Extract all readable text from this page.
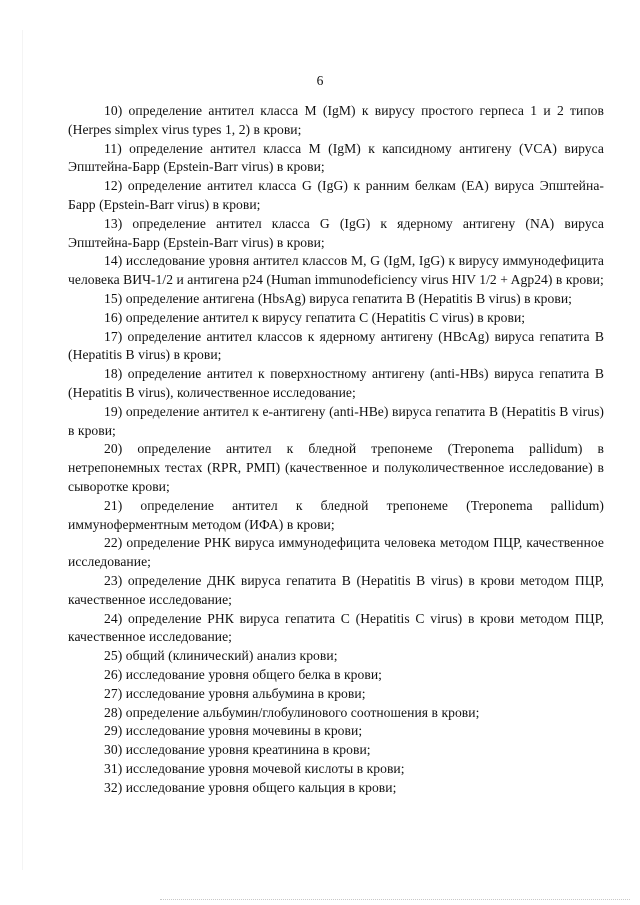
6

10) определение антител класса M (IgM) к вирусу простого герпеса 1 и 2 типов (Herpes simplex virus types 1, 2) в крови;

11) определение антител класса M (IgM) к капсидному антигену (VCA) вируса Эпштейна-Барр (Epstein-Barr virus) в крови;

12) определение антител класса G (IgG) к ранним белкам (EA) вируса Эпштейна-Барр (Epstein-Barr virus) в крови;

13) определение антител класса G (IgG) к ядерному антигену (NA) вируса Эпштейна-Барр (Epstein-Barr virus) в крови;

14) исследование уровня антител классов M, G (IgM, IgG) к вирусу иммунодефицита человека ВИЧ-1/2 и антигена p24 (Human immunodeficiency virus HIV 1/2 + Agp24) в крови;

15) определение антигена (HbsAg) вируса гепатита B (Hepatitis B virus) в крови;

16) определение антител к вирусу гепатита C (Hepatitis C virus) в крови;

17) определение антител классов к ядерному антигену (HBcAg) вируса гепатита B (Hepatitis B virus) в крови;

18) определение антител к поверхностному антигену (anti-HBs) вируса гепатита B (Hepatitis B virus), количественное исследование;

19) определение антител к e-антигену (anti-HBe) вируса гепатита B (Hepatitis B virus) в крови;

20) определение антител к бледной трепонеме (Treponema pallidum) в нетрепонемных тестах (RPR, РМП) (качественное и полуколичественное исследование) в сыворотке крови;

21) определение антител к бледной трепонеме (Treponema pallidum) иммуноферментным методом (ИФА) в крови;

22) определение РНК вируса иммунодефицита человека методом ПЦР, качественное исследование;

23) определение ДНК вируса гепатита B (Hepatitis B virus) в крови методом ПЦР, качественное исследование;

24) определение РНК вируса гепатита C (Hepatitis C virus) в крови методом ПЦР, качественное исследование;

25) общий (клинический) анализ крови;

26) исследование уровня общего белка в крови;

27) исследование уровня альбумина в крови;

28) определение альбумин/глобулинового соотношения в крови;

29) исследование уровня мочевины в крови;

30) исследование уровня креатинина в крови;

31) исследование уровня мочевой кислоты в крови;

32) исследование уровня общего кальция в крови;
